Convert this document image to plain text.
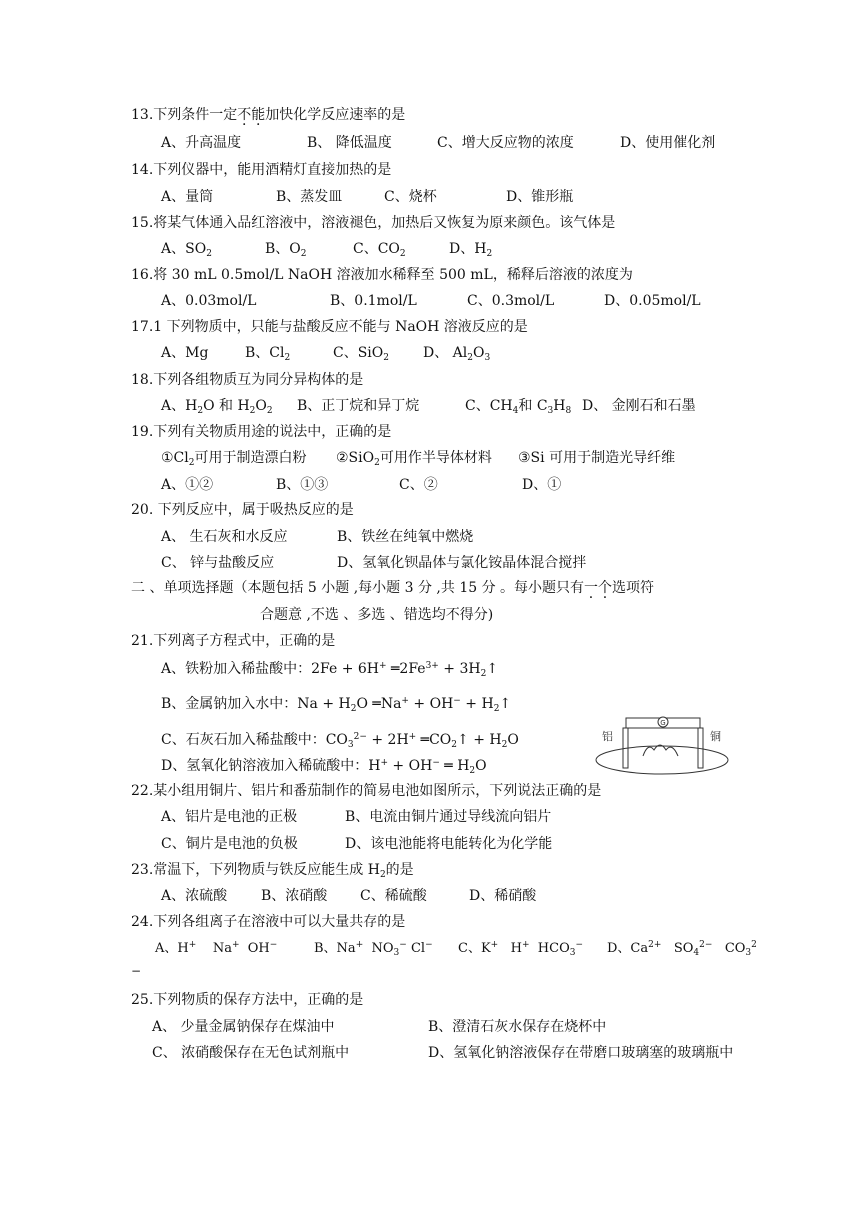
13.下列条件一定不能加快化学反应速率的是
A、升高温度	B、 降低温度	C、增大反应物的浓度	D、使用催化剂
14.下列仪器中，能用酒精灯直接加热的是
A、量筒	B、蒸发皿	C、烧杯	D、锥形瓶
15.将某气体通入品红溶液中，溶液褪色，加热后又恢复为原来颜色。该气体是
A、$SO_2$	B、$O_2$	C、$CO_2$	D、$H_2$
16.将 30 mL 0.5mol/L NaOH 溶液加水稀释至 500 mL，稀释后溶液的浓度为
A、0.03mol/L	B、0.1mol/L	C、0.3mol/L	D、0.05mol/L
17.1 下列物质中，只能与盐酸反应不能与 NaOH 溶液反应的是
A、Mg	B、$Cl_2$	C、SiO$_2$ D、 $Al_2O_3$
18.下列各组物质互为同分异构体的是
A、$H_2O$ 和 $H_2O_2$ B、正丁烷和异丁烷	C、$CH_4$和 $C_3H_8$ D、 金刚石和石墨
19.下列有关物质用途的说法中，正确的是
$①Cl_2$可用于制造漂白粉 ②SiO$_2$可用作半导体材料 ③Si 可用于制造光导纤维
A、①②	B、①③	C、②	D、①
20. 下列反应中，属于吸热反应的是
A、 生石灰和水反应	B、铁丝在纯氧中燃烧
C、 锌与盐酸反应	D、氢氧化钡晶体与氯化铵晶体混合搅拌
二 、单项选择题（本题包括 5 小题 ,每小题 3 分 ,共 15 分 。每小题只有一个选项符
合题意 ,不选 、多选 、错选均不得分)
21.下列离子方程式中，正确的是
A、铁粉加入稀盐酸中：2Fe + 6H+ $═2Fe^{3+}$ + $3H_2↑$
B、金属钠加入水中：$Na + H_2O$ ═Na+ + $OH^- + H_2↑$
C、石灰石加入稀盐酸中：$CO_3^{2-} + 2H^+$ $═CO_2↑ + H_2O$
D、氢氧化钠溶液加入稀硫酸中：H+ + OH− ═ $H_2O$
G
铝	铜
22.某小组用铜片、铝片和番茄制作的简易电池如图所示，下列说法正确的是
A、铝片是电池的正极	B、电流由铜片通过导线流向铝片
C、铜片是电池的负极	D、该电池能将电能转化为化学能
23.常温下，下列物质与铁反应能生成 $H_2$的是
A、浓硫酸 B、浓硝酸 C、稀硫酸	D、稀硝酸
24.下列各组离子在溶液中可以大量共存的是
A、H+ Na+ OH−	B、Na+ $NO_3^-$ Cl− C、K+ H+ $HCO_3^-$ D、$Ca^{2+}$ $SO_4^{2-}$ $CO_3^2$
−
25.下列物质的保存方法中，正确的是
A、 少量金属钠保存在煤油中	B、澄清石灰水保存在烧杯中
C、 浓硝酸保存在无色试剂瓶中	D、氢氧化钠溶液保存在带磨口玻璃塞的玻璃瓶中
